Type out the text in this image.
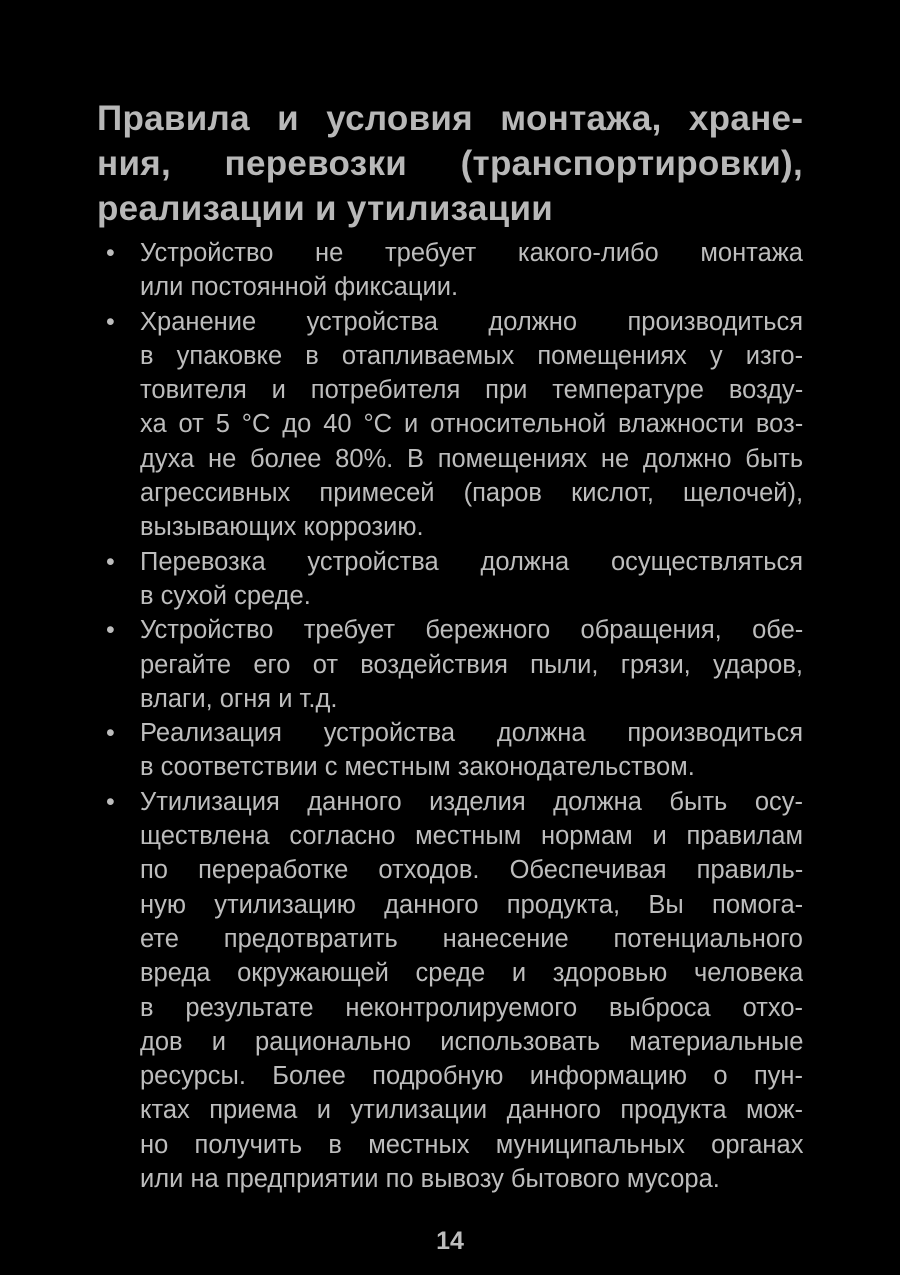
Правила и условия монтажа, хране-
ния, перевозки (транспортировки),
реализации и утилизации
• Устройство не требует какого-либо монтажа
или постоянной фиксации.
• Хранение устройства должно производиться
в упаковке в отапливаемых помещениях у изго-
товителя и потребителя при температуре возду-
ха от 5 °С до 40 °С и относительной влажности воз-
духа не более 80%. В помещениях не должно быть
агрессивных примесей (паров кислот, щелочей),
вызывающих коррозию.
• Перевозка устройства должна осуществляться
в сухой среде.
• Устройство требует бережного обращения, обе-
регайте его от воздействия пыли, грязи, ударов,
влаги, огня и т.д.
• Реализация устройства должна производиться
в соответствии с местным законодательством.
• Утилизация данного изделия должна быть осу-
ществлена согласно местным нормам и правилам
по переработке отходов. Обеспечивая правиль-
ную утилизацию данного продукта, Вы помога-
ете предотвратить нанесение потенциального
вреда окружающей среде и здоровью человека
в результате неконтролируемого выброса отхо-
дов и рационально использовать материальные
ресурсы. Более подробную информацию о пун-
ктах приема и утилизации данного продукта мож-
но получить в местных муниципальных органах
или на предприятии по вывозу бытового мусора.
14
